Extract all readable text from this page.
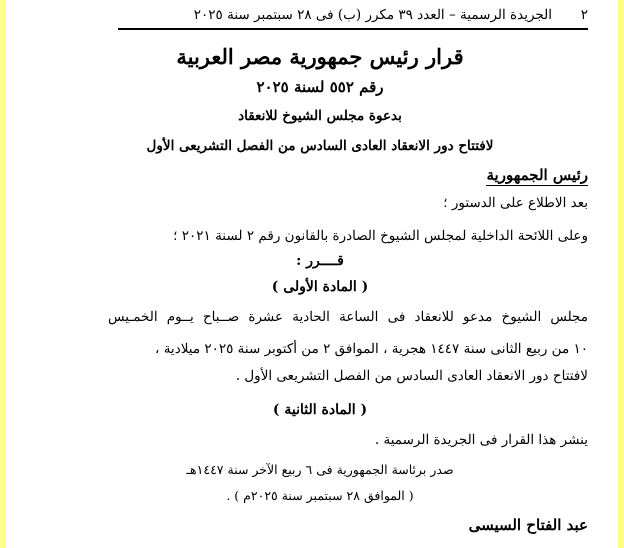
٢
الجريدة الرسمية – العدد ٣٩ مكرر (ب) فى ٢٨ سبتمبر سنة ٢٠٢٥
قرار رئيس جمهورية مصر العربية
رقم ٥٥٢ لسنة ٢٠٢٥
بدعوة مجلس الشيوخ للانعقاد
لافتتاح دور الانعقاد العادى السادس من الفصل التشريعى الأول
رئيس الجمهورية
بعد الاطلاع على الدستور ؛
وعلى اللائحة الداخلية لمجلس الشيوخ الصادرة بالقانون رقم ٢ لسنة ٢٠٢١ ؛
قــــرر :
( المادة الأولى )
مجلس الشيوخ مدعو للانعقاد فى الساعة الحادية عشرة صــباح يــوم الخمـيس
١٠ من ربيع الثانى سنة ١٤٤٧ هجرية ، الموافق ٢ من أكتوبر سنة ٢٠٢٥ ميلادية ،
لافتتاح دور الانعقاد العادى السادس من الفصل التشريعى الأول .
( المادة الثانية )
ينشر هذا القرار فى الجريدة الرسمية .
صدر برئاسة الجمهورية فى ٦ ربيع الآخر سنة ١٤٤٧هـ
( الموافق ٢٨ سبتمبر سنة ٢٠٢٥م ) .
عبد الفتاح السيسى
